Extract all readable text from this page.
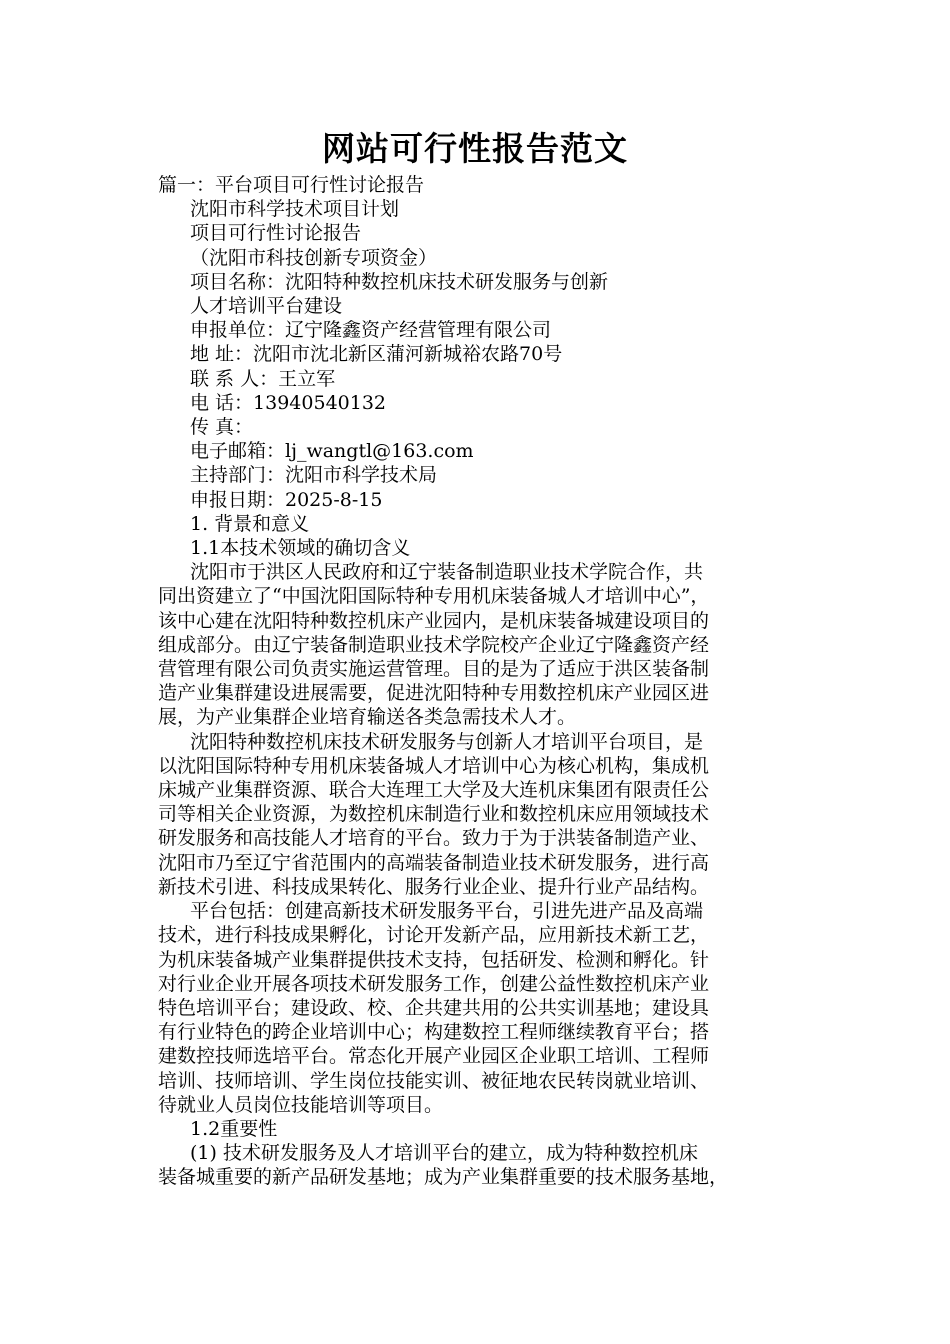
网站可行性报告范文
篇一：平台项目可行性讨论报告
沈阳市科学技术项目计划
项目可行性讨论报告
（沈阳市科技创新专项资金）
项目名称：沈阳特种数控机床技术研发服务与创新
人才培训平台建设
申报单位：辽宁隆鑫资产经营管理有限公司
地 址：沈阳市沈北新区蒲河新城裕农路70号
联 系 人：王立军
电 话：13940540132
传 真：
电子邮箱：lj_wangtl@163.com
主持部门：沈阳市科学技术局
申报日期：2025-8-15
1. 背景和意义
1.1本技术领域的确切含义
沈阳市于洪区人民政府和辽宁装备制造职业技术学院合作，共
同出资建立了“中国沈阳国际特种专用机床装备城人才培训中心”，
该中心建在沈阳特种数控机床产业园内，是机床装备城建设项目的
组成部分。由辽宁装备制造职业技术学院校产企业辽宁隆鑫资产经
营管理有限公司负责实施运营管理。目的是为了适应于洪区装备制
造产业集群建设进展需要，促进沈阳特种专用数控机床产业园区进
展，为产业集群企业培育输送各类急需技术人才。
沈阳特种数控机床技术研发服务与创新人才培训平台项目，是
以沈阳国际特种专用机床装备城人才培训中心为核心机构，集成机
床城产业集群资源、联合大连理工大学及大连机床集团有限责任公
司等相关企业资源，为数控机床制造行业和数控机床应用领域技术
研发服务和高技能人才培育的平台。致力于为于洪装备制造产业、
沈阳市乃至辽宁省范围内的高端装备制造业技术研发服务，进行高
新技术引进、科技成果转化、服务行业企业、提升行业产品结构。
平台包括：创建高新技术研发服务平台，引进先进产品及高端
技术，进行科技成果孵化，讨论开发新产品，应用新技术新工艺，
为机床装备城产业集群提供技术支持，包括研发、检测和孵化。针
对行业企业开展各项技术研发服务工作，创建公益性数控机床产业
特色培训平台；建设政、校、企共建共用的公共实训基地；建设具
有行业特色的跨企业培训中心；构建数控工程师继续教育平台；搭
建数控技师选培平台。常态化开展产业园区企业职工培训、工程师
培训、技师培训、学生岗位技能实训、被征地农民转岗就业培训、
待就业人员岗位技能培训等项目。
1.2重要性
(1) 技术研发服务及人才培训平台的建立，成为特种数控机床
装备城重要的新产品研发基地；成为产业集群重要的技术服务基地，
